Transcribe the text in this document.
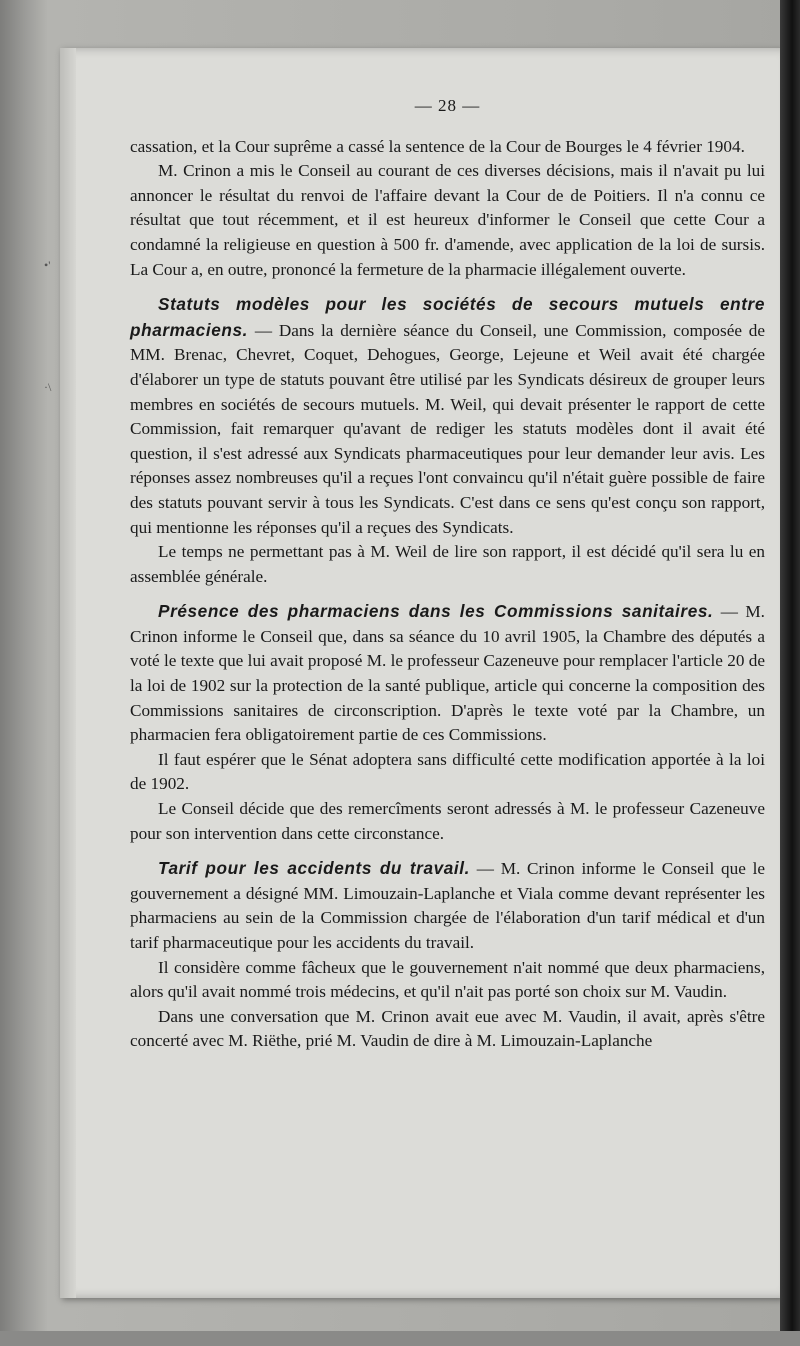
•'
·\
— 28 —

cassation, et la Cour suprême a cassé la sentence de la Cour de Bourges le 4 février 1904.

M. Crinon a mis le Conseil au courant de ces diverses décisions, mais il n'avait pu lui annoncer le résultat du renvoi de l'affaire devant la Cour de de Poitiers. Il n'a connu ce résultat que tout récemment, et il est heureux d'informer le Conseil que cette Cour a condamné la religieuse en question à 500 fr. d'amende, avec application de la loi de sursis. La Cour a, en outre, prononcé la fermeture de la pharmacie illégalement ouverte.

Statuts modèles pour les sociétés de secours mutuels entre pharmaciens. — Dans la dernière séance du Conseil, une Commission, composée de MM. Brenac, Chevret, Coquet, Dehogues, George, Lejeune et Weil avait été chargée d'élaborer un type de statuts pouvant être utilisé par les Syndicats désireux de grouper leurs membres en sociétés de secours mutuels. M. Weil, qui devait présenter le rapport de cette Commission, fait remarquer qu'avant de rediger les statuts modèles dont il avait été question, il s'est adressé aux Syndicats pharmaceutiques pour leur demander leur avis. Les réponses assez nombreuses qu'il a reçues l'ont convaincu qu'il n'était guère possible de faire des statuts pouvant servir à tous les Syndicats. C'est dans ce sens qu'est conçu son rapport, qui mentionne les réponses qu'il a reçues des Syndicats.

Le temps ne permettant pas à M. Weil de lire son rapport, il est décidé qu'il sera lu en assemblée générale.

Présence des pharmaciens dans les Commissions sanitaires. — M. Crinon informe le Conseil que, dans sa séance du 10 avril 1905, la Chambre des députés a voté le texte que lui avait proposé M. le professeur Cazeneuve pour remplacer l'article 20 de la loi de 1902 sur la protection de la santé publique, article qui concerne la composition des Commissions sanitaires de circonscription. D'après le texte voté par la Chambre, un pharmacien fera obligatoirement partie de ces Commissions.

Il faut espérer que le Sénat adoptera sans difficulté cette modification apportée à la loi de 1902.

Le Conseil décide que des remercîments seront adressés à M. le professeur Cazeneuve pour son intervention dans cette circonstance.

Tarif pour les accidents du travail. — M. Crinon informe le Conseil que le gouvernement a désigné MM. Limouzain-Laplanche et Viala comme devant représenter les pharmaciens au sein de la Commission chargée de l'élaboration d'un tarif médical et d'un tarif pharmaceutique pour les accidents du travail.

Il considère comme fâcheux que le gouvernement n'ait nommé que deux pharmaciens, alors qu'il avait nommé trois médecins, et qu'il n'ait pas porté son choix sur M. Vaudin.

Dans une conversation que M. Crinon avait eue avec M. Vaudin, il avait, après s'être concerté avec M. Riëthe, prié M. Vaudin de dire à M. Limouzain-Laplanche
